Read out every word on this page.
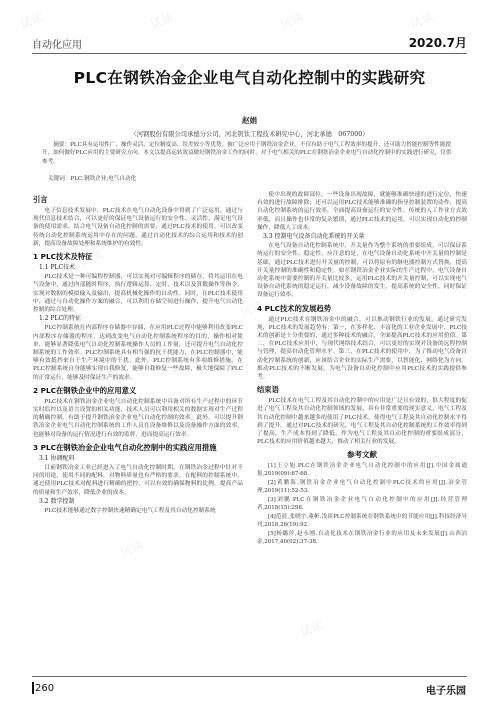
试读	试读	试读	试读
试读
试读
试读
试读
试读
自动化应用	2020.7月
PLC在钢铁冶金企业电气自动化控制中的实践研究
赵娟
（河钢股份有限公司承德分公司，河北钒钛工程技术研究中心，河北承德　067000）

摘要：PLC具有运用性广、操作灵活、定位精度高、误差较小等优势，被广泛应用于钢铁冶金企业，不仅有助于电气工程效率的提升，还可助力智能控制等性能提升，如何做好PLC应用的主要研究方向。本文以提高运转效益做好钢铁冶金工作的同时，对于电气相关的PLC在钢铁冶金企业电气自动化控制中的实践进行研究，仅供参考。

关键词：PLC;钢铁企业;电气自动化
引言

电子信息技术发展中，PLC技术在电气自动化设备中得到了广泛运用，通过与现代信息技术结合，可以更好的保证电气设备运行的安全性、灵活性，满足电气设备的使用需求。结合电气设备自动化控制的需要，通过PLC技术的使用，可以改变传统自动化控制系统运用中存在的问题，通过自动化技术的综合运用和技术的创新，提高设备故障处理和系统维护的有效性。

1 PLC技术及特征
1.1 PLC技术

PLC技术是一种可编程控制器，可以实现对可编辑程序的储存，将其运用在电气设备中，通过内部随时程序，执行逻辑运算、定时、技术以及算数操作等指令，实现对数据的模拟输入及输出，提高机械化操作的自动性。同时，在PLC技术使用中，通过与自动化操作方案的融合，可以利用存储空间进行操作，提升电气自动化控制的综合处理。

1.2 PLC的特征

PLC控制系统在内部程序存储器中存储，在应用PLC过程中能够利用改变PLC内部程序存储器的程序，达到改变电气自动化控制系统程序的目的，操作相对简单，能够显著降低电气自动化控制系统操作人员的工作量，还可提升电气自动化控制系统的工作效率。PLC控制系统具有相当强的抗干扰能力，在PLC控制器中，能够有效抵挡来自于生产环境中的干扰。此外，PLC控制系统有多项维修措施，在PLC控制系统自身能够实现自我修复，能够自我修复一些故障，极大地保障了PLC的正常运行，能够及时保证生产的效率。

2 PLC在钢铁企业中的应用意义

PLC技术在钢铁冶金企业电气自动化控制系统中具备对所有生产过程中的环节实时监控以及语言设置的相关功能，技术人员可以利用相关的数据实现对生产过程的精确控制，有助于提升钢铁冶金企业电气自动化控制的效率。此外，可以提升钢铁冶金企业电气自动化控制系统的工作人员在设备维修以及设备操作方面的效率，也能够对设备的运行情况进行有效的监督，进而提高运行效率。

3 PLC在钢铁冶金企业电气自动化控制中的实践应用措施
3.1 协调配料

目前钢铁冶金工业已经进入了电气自动化控制时期，在钢铁冶金过程中针对不同的用途，使用不同的配料，对物料质量也有严格的要求。在配料的控制系统中，通过使用PLC技术对配料进行精确的把控，可以有效的确保物料的比例，提高产品的质量和生产效率，降低企业的成本。

3.2 数学控制

PLC技术能够通过数字控制快速精确定电气工程及其自动化控制系统

使中出现的故障部位，一些设备出现故障，就能够准确快速的进行定位，快速有效的进行故障排除；还可以运用PLC技术能够准确的指导控制装置的动作，提高自动化控制系统的运行效率，全面提高设备运行的安全性。传统的人工作业方式效率低，而且操作也非常的复杂繁琐，通过PLC技术的运用，可以实现自动化的控制操作，降低人工成本。

3.3 控制电气设备自动化系统的开关量

在电气设备自动化控制系统中，开关量作为整个系统的重要组成，可以保证系统运行的安全性、稳定性，应注意的是，在电气设备自动化系统中开关量的控制是基础，通过PLC技术进行开关量的控制，可以将原有的继电器控制方式替换，提高开关量控制的准确性和稳定性。如在钢铁冶金企业实际的生产过程中，电气设备自动化系统中需要控制的开关量比较多，运用PLC技术的开关量控制，可以实现电气设备自动化系统的稳定运行，减少设备故障的发生，提高系统的安全性，同时保证设备运行效率。

4 PLC技术的发展趋势

通过PLC技术在钢铁冶金中的融合，可以推动钢铁行业的发展。通过研究发现，PLC技术的发展趋势有：第一，在多样化、丰富化的工业企业发展中，PLC技术的创新是十分重要的，通过多种技术的融合，全面提高PLC技术的应用价值。第二，在PLC技术应用中，与现代网络技术结合，可以更好的实现对设备的远程控制与管理，提高自动化管理水平。第三，在PLC技术的使用中，为了推动电气设备自动化控制系统的创新，应该结合企业的实际生产需要，以智能化、网络化为方向，推动PLC技术的不断发展，为电气设备自动化控制中应用PLC技术的实践提供参考。

结束语

PLC技术在电气工程及其自动化控制中的应用是广泛且有效的，很大程度的促进了电气工程及其自动化控制领域的发展，具有非常重要的现实意义。电气工程及其自动化控制中越来越多的使用了PLC技术，使得电气工程及其自动化控制水平得到了提升。通过对PLC技术的研究，电气工程及其自动化控制系统的工作效率得到了提高，生产成本得到了降低，作为电气工程及其自动化控制的重要组成部分，PLC技术的应用价值越来越大，推动了相关行业的发展。

参考文献

[1]王立旭.PLC在钢铁冶金企业电气自动化控制中的应用[J].中国金属通报,2019(09):67-68.

[2]黄鹏海.钢铁冶金企业电气自动化控制中PLC技术的应用[J].冶金管理,2019(11):52-53.

[3]刘鹏.PLC在钢铁冶金企业电气自动化控制中的应用[J].经营管理者,2018(15):298.

[4]范晨,张晓宇,董彬.浅谈PLC控制系统在钢铁系统中的节能应用[J].科技经济导刊,2018,26(19):92.

[5]杨璐萍,赵永刚.自动化技术在钢铁冶金行业的应用及未来发展[J].山西冶金,2017,40(02):37-38.

260	电子乐园
